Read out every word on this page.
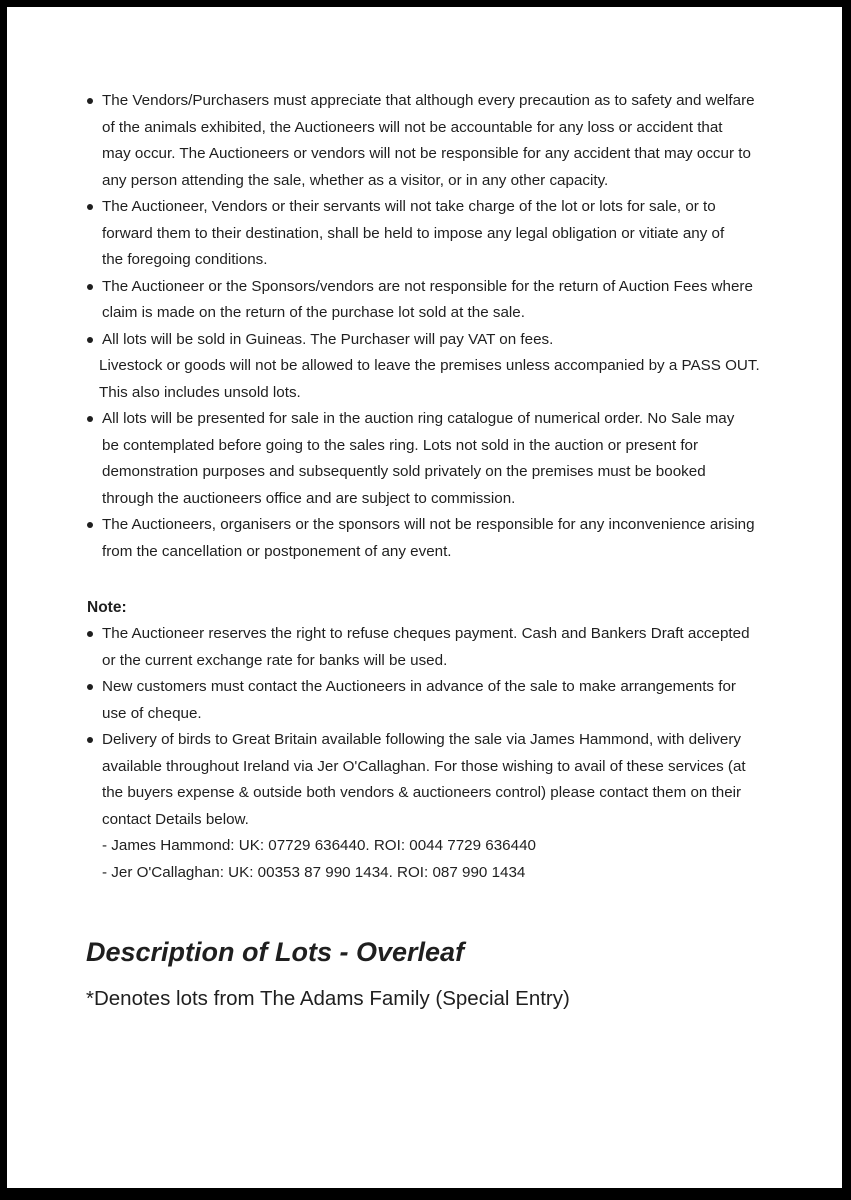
The Vendors/Purchasers must appreciate that although every precaution as to safety and welfare
of the animals exhibited, the Auctioneers will not be accountable for any loss or accident that
may occur. The Auctioneers or vendors will not be responsible for any accident that may occur to
any person attending the sale, whether as a visitor, or in any other capacity.
The Auctioneer, Vendors or their servants will not take charge of the lot or lots for sale, or to
forward them to their destination, shall be held to impose any legal obligation or vitiate any of
the foregoing conditions.
The Auctioneer or the Sponsors/vendors are not responsible for the return of Auction Fees where
claim is made on the return of the purchase lot sold at the sale.
All lots will be sold in Guineas. The Purchaser will pay VAT on fees.
Livestock or goods will not be allowed to leave the premises unless accompanied by a PASS OUT.
This also includes unsold lots.
All lots will be presented for sale in the auction ring catalogue of numerical order. No Sale may
be contemplated before going to the sales ring. Lots not sold in the auction or present for
demonstration purposes and subsequently sold privately on the premises must be booked
through the auctioneers office and are subject to commission.
The Auctioneers, organisers or the sponsors will not be responsible for any inconvenience arising
from the cancellation or postponement of any event.
Note:
The Auctioneer reserves the right to refuse cheques payment. Cash and Bankers Draft accepted
or the current exchange rate for banks will be used.
New customers must contact the Auctioneers in advance of the sale to make arrangements for
use of cheque.
Delivery of birds to Great Britain available following the sale via James Hammond, with delivery
available throughout Ireland via Jer O'Callaghan. For those wishing to avail of these services (at
the buyers expense & outside both vendors & auctioneers control) please contact them on their
contact Details below.
- James Hammond: UK: 07729 636440. ROI: 0044 7729 636440
- Jer O'Callaghan: UK: 00353 87 990 1434. ROI: 087 990 1434
Description of Lots - Overleaf

*Denotes lots from The Adams Family (Special Entry)
